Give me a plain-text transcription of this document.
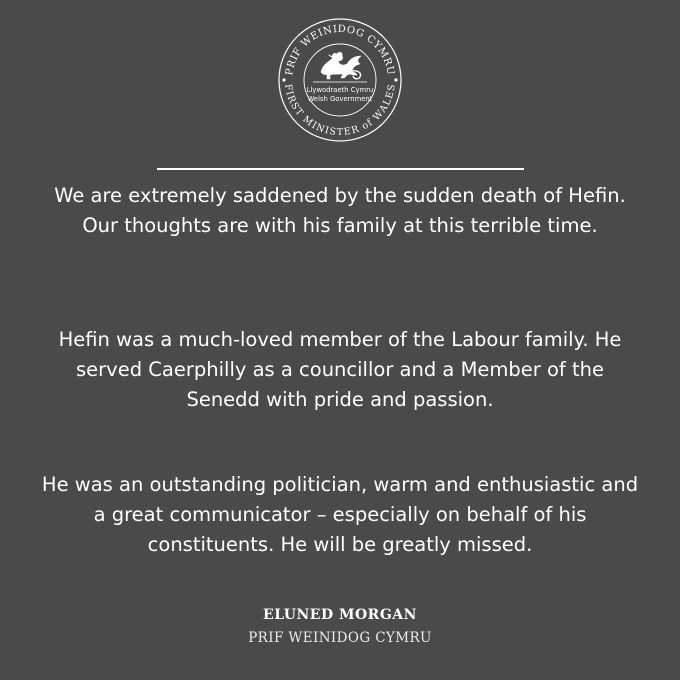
PRIF WEINIDOG CYMRU
FIRST MINISTER of WALES
Llywodraeth Cymru
Welsh Government

We are extremely saddened by the sudden death of Hefin. Our thoughts are with his family at this terrible time.

Hefin was a much-loved member of the Labour family. He served Caerphilly as a councillor and a Member of the Senedd with pride and passion.

He was an outstanding politician, warm and enthusiastic and a great communicator – especially on behalf of his constituents. He will be greatly missed.

ELUNED MORGAN
PRIF WEINIDOG CYMRU
